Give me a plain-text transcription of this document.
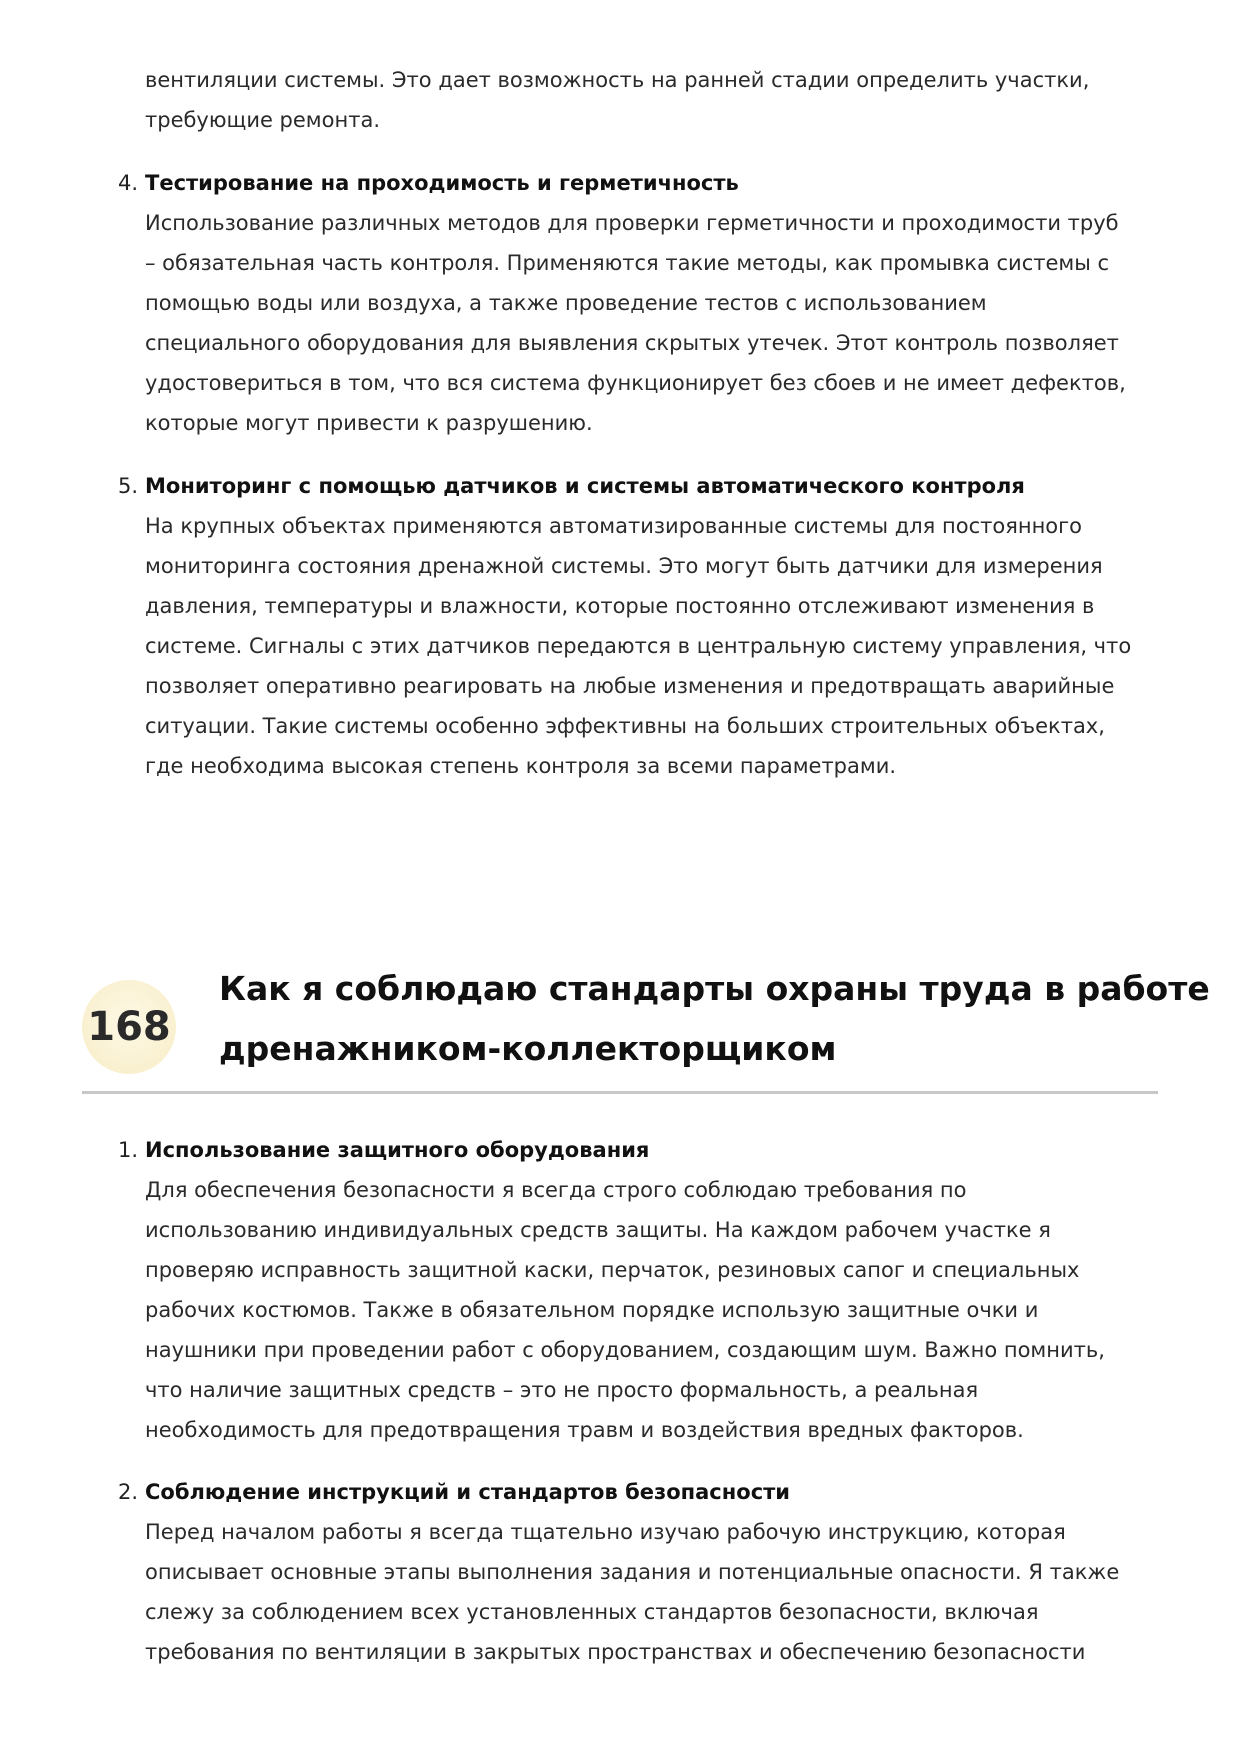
вентиляции системы. Это дает возможность на ранней стадии определить участки,
требующие ремонта.
4. Тестирование на проходимость и герметичность
Использование различных методов для проверки герметичности и проходимости труб
– обязательная часть контроля. Применяются такие методы, как промывка системы с
помощью воды или воздуха, а также проведение тестов с использованием
специального оборудования для выявления скрытых утечек. Этот контроль позволяет
удостовериться в том, что вся система функционирует без сбоев и не имеет дефектов,
которые могут привести к разрушению.
5. Мониторинг с помощью датчиков и системы автоматического контроля
На крупных объектах применяются автоматизированные системы для постоянного
мониторинга состояния дренажной системы. Это могут быть датчики для измерения
давления, температуры и влажности, которые постоянно отслеживают изменения в
системе. Сигналы с этих датчиков передаются в центральную систему управления, что
позволяет оперативно реагировать на любые изменения и предотвращать аварийные
ситуации. Такие системы особенно эффективны на больших строительных объектах,
где необходима высокая степень контроля за всеми параметрами.
168
Как я соблюдаю стандарты охраны труда в работе
дренажником-коллекторщиком
1. Использование защитного оборудования
Для обеспечения безопасности я всегда строго соблюдаю требования по
использованию индивидуальных средств защиты. На каждом рабочем участке я
проверяю исправность защитной каски, перчаток, резиновых сапог и специальных
рабочих костюмов. Также в обязательном порядке использую защитные очки и
наушники при проведении работ с оборудованием, создающим шум. Важно помнить,
что наличие защитных средств – это не просто формальность, а реальная
необходимость для предотвращения травм и воздействия вредных факторов.
2. Соблюдение инструкций и стандартов безопасности
Перед началом работы я всегда тщательно изучаю рабочую инструкцию, которая
описывает основные этапы выполнения задания и потенциальные опасности. Я также
слежу за соблюдением всех установленных стандартов безопасности, включая
требования по вентиляции в закрытых пространствах и обеспечению безопасности
